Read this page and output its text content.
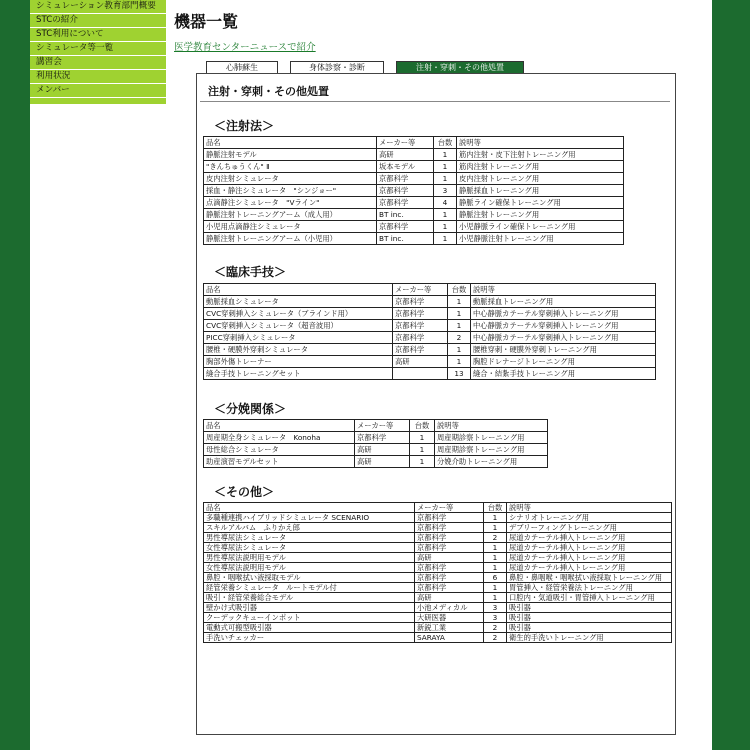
シミュレーション教育部門概要
STCの紹介
STC利用について
シミュレータ等一覧
講習会
利用状況
メンバー
機器一覧
医学教育センターニュースで紹介
心肺蘇生	身体診察・診断	注射・穿刺・その他処置
注射・穿刺・その他処置
＜注射法＞
＜臨床手技＞
＜分娩関係＞
＜その他＞
品名	メーカー等	台数	説明等
静脈注射モデル	高研	1	筋内注射・皮下注射トレーニング用
"きんちゅうくん" Ⅱ	坂本モデル	1	筋肉注射トレーニング用
皮内注射シミュレータ	京都科学	1	皮内注射トレーニング用
採血・静注シミュレータ　"シンジョー"	京都科学	3	静脈採血トレーニング用
点滴静注シミュレータ　"Vライン"	京都科学	4	静脈ライン確保トレーニング用
静脈注射トレーニングアーム（成人用）	BT inc.	1	静脈注射トレーニング用
小児用点滴静注シミュレータ	京都科学	1	小児静脈ライン確保トレーニング用
静脈注射トレーニングアーム（小児用）	BT inc.	1	小児静脈注射トレーニング用
品名	メーカー等	台数	説明等
動脈採血シミュレータ	京都科学	1	動脈採血トレーニング用
CVC穿刺挿入シミュレータ（ブラインド用）	京都科学	1	中心静脈カテーテル穿刺挿入トレーニング用
CVC穿刺挿入シミュレータ（超音波用）	京都科学	1	中心静脈カテーテル穿刺挿入トレーニング用
PICC穿刺挿入シミュレータ	京都科学	2	中心静脈カテーテル穿刺挿入トレーニング用
腰椎・硬膜外穿刺シミュレータ	京都科学	1	腰椎穿刺・硬膜外穿刺トレーニング用
胸部外傷トレーナー	高研	1	胸腔ドレナージトレーニング用
縫合手技トレーニングセット		13	縫合・結紮手技トレーニング用
品名	メーカー等	台数	説明等
周産期全身シミュレータ　Konoha	京都科学	1	周産期診察トレーニング用
母性総合シミュレータ	高研	1	周産期診察トレーニング用
助産演習モデルセット	高研	1	分娩介助トレーニング用
品名	メーカー等	台数	説明等
多職種連携ハイブリッドシミュレータ SCENARIO	京都科学	1	シナリオトレーニング用
スキルアルバム　ふりかえ郎	京都科学	1	デブリーフィングトレーニング用
男性導尿法シミュレータ	京都科学	2	尿道カテーテル挿入トレーニング用
女性導尿法シミュレータ	京都科学	1	尿道カテーテル挿入トレーニング用
男性導尿法説明用モデル	高研	1	尿道カテーテル挿入トレーニング用
女性導尿法説明用モデル	京都科学	1	尿道カテーテル挿入トレーニング用
鼻腔・咽喉拭い液採取モデル	京都科学	6	鼻腔・鼻咽喉・咽喉拭い液採取トレーニング用
経管栄養シミュレータ　ルートモデル付	京都科学	1	胃管挿入・経管栄養法トレーニング用
吸引・経管栄養総合モデル	高研	1	口腔内・気道吸引・胃管挿入トレーニング用
壁かけ式吸引器	小池メディカル	3	吸引器
クーデックキューインポット	大研医器	3	吸引器
電動式可搬型吸引器	新鋭工業	2	吸引器
手洗いチェッカー	SARAYA	2	衛生的手洗いトレーニング用
